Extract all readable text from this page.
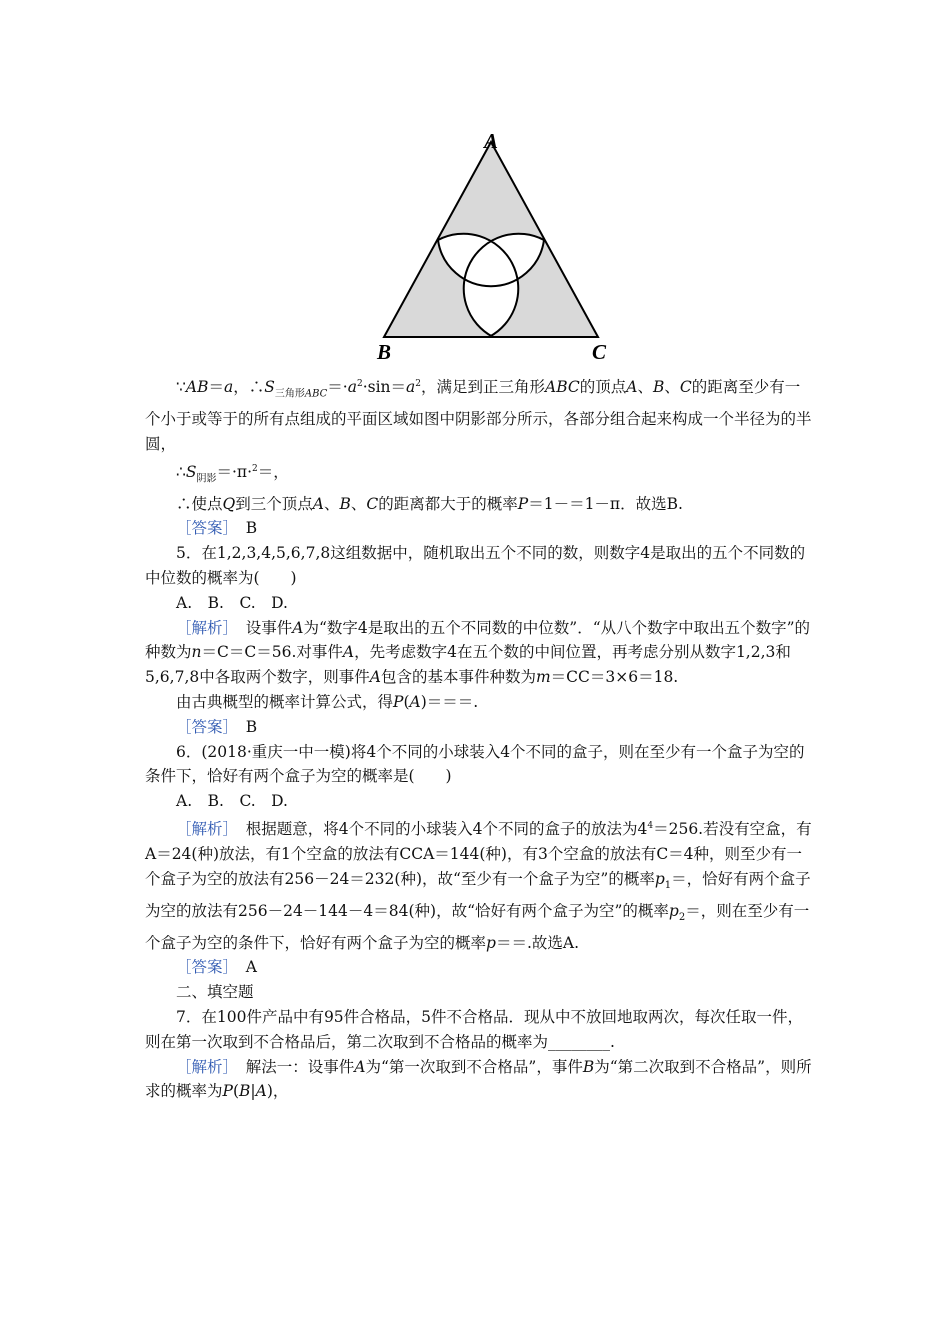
A
B	C

∵AB＝a，$\therefore S_{三角形ABC}=\cdot a^2\cdot\sin=a^2$，满足到正三角形ABC的顶点A、B、C的距离至少有一个小于或等于的所有点组成的平面区域如图中阴影部分所示，各部分组合起来构成一个半径为的半圆，

$\therefore S_{阴影}=\cdot\pi\cdot^2=$，

∴使点Q到三个顶点A、B、C的距离都大于的概率P＝1－＝1－π．故选B.

［答案］　 B

5．在1,2,3,4,5,6,7,8这组数据中，随机取出五个不同的数，则数字4是取出的五个不同数的中位数的概率为(　　)

A.　B.　C.　D.

［解析］　设事件A为“数字4是取出的五个不同数的中位数”．“从八个数字中取出五个数字”的种数为n＝C＝C＝56.对事件A，先考虑数字4在五个数的中间位置，再考虑分别从数字1,2,3和5,6,7,8中各取两个数字，则事件A包含的基本事件种数为m＝CC＝3×6＝18.

由古典概型的概率计算公式，得P(A)＝＝＝.

［答案］　 B

6．(2018·重庆一中一模)将4个不同的小球装入4个不同的盒子，则在至少有一个盒子为空的条件下，恰好有两个盒子为空的概率是(　　)

A.　B.　C.　D.

［解析］　根据题意，将4个不同的小球装入4个不同的盒子的放法为$4^4=256$.若没有空盒，有A＝24(种)放法，有1个空盒的放法有CCA＝144(种)，有3个空盒的放法有C＝4种，则至少有一个盒子为空的放法有256－24＝232(种)，故“至少有一个盒子为空”的概率$p_1=$，恰好有两个盒子为空的放法有256－24－144－4＝84(种)，故“恰好有两个盒子为空”的概率$p_2=$，则在至少有一个盒子为空的条件下，恰好有两个盒子为空的概率p＝＝.故选A.

［答案］　 A

二、填空题

7．在100件产品中有95件合格品，5件不合格品．现从中不放回地取两次，每次任取一件，则在第一次取到不合格品后，第二次取到不合格品的概率为________.

［解析］　解法一：设事件A为“第一次取到不合格品”，事件B为“第二次取到不合格品”，则所求的概率为P(B|A)，
